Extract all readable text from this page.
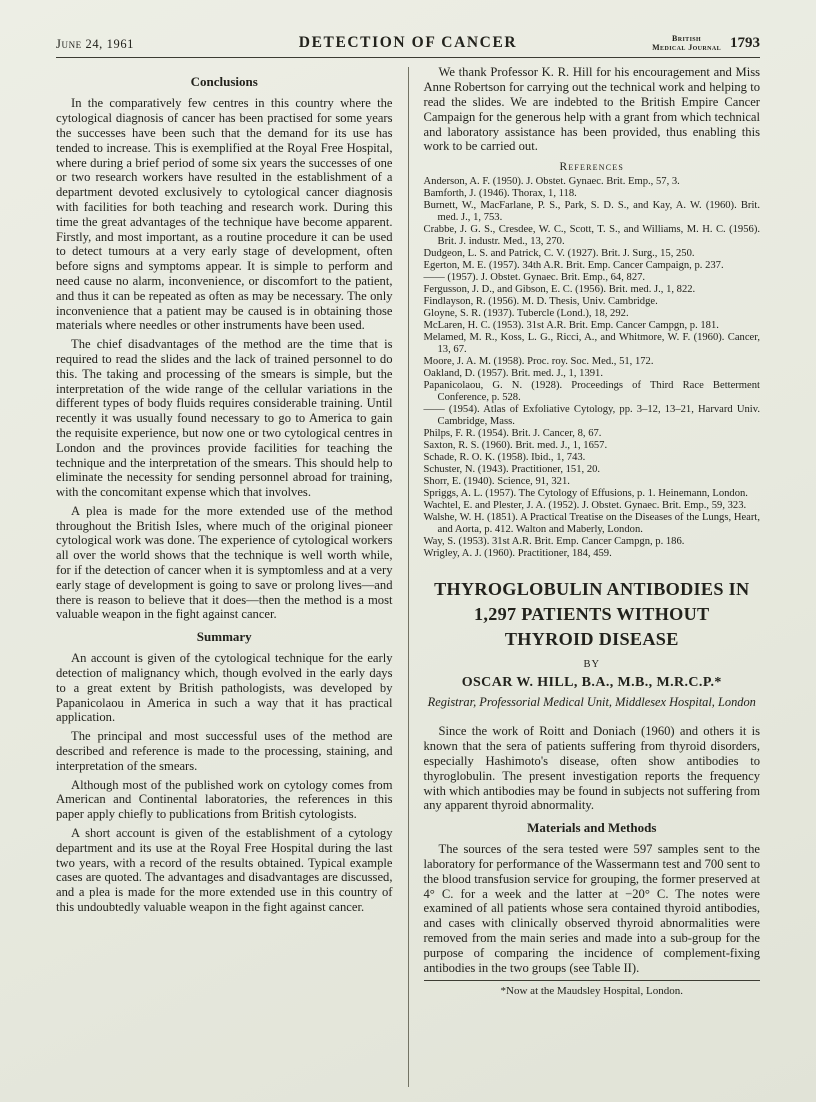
June 24, 1961	DETECTION OF CANCER	British
Medical Journal 1793
Conclusions

In the comparatively few centres in this country where the cytological diagnosis of cancer has been practised for some years the successes have been such that the demand for its use has tended to increase. This is exemplified at the Royal Free Hospital, where during a brief period of some six years the successes of one or two research workers have resulted in the establishment of a department devoted exclusively to cytological cancer diagnosis with facilities for both teaching and research work. During this time the great advantages of the technique have become apparent. Firstly, and most important, as a routine procedure it can be used to detect tumours at a very early stage of development, often before signs and symptoms appear. It is simple to perform and need cause no alarm, inconvenience, or discomfort to the patient, and thus it can be repeated as often as may be necessary. The only inconvenience that a patient may be caused is in obtaining those materials where needles or other instruments have been used.

The chief disadvantages of the method are the time that is required to read the slides and the lack of trained personnel to do this. The taking and processing of the smears is simple, but the interpretation of the wide range of the cellular variations in the different types of body fluids requires considerable training. Until recently it was usually found necessary to go to America to gain the requisite experience, but now one or two cytological centres in London and the provinces provide facilities for teaching the technique and the interpretation of the smears. This should help to eliminate the necessity for sending personnel abroad for training, with the concomitant expense which that involves.

A plea is made for the more extended use of the method throughout the British Isles, where much of the original pioneer cytological work was done. The experience of cytological workers all over the world shows that the technique is well worth while, for if the detection of cancer when it is symptomless and at a very early stage of development is going to save or prolong lives—and there is reason to believe that it does—then the method is a most valuable weapon in the fight against cancer.

Summary

An account is given of the cytological technique for the early detection of malignancy which, though evolved in the early days to a great extent by British pathologists, was developed by Papanicolaou in America in such a way that it has practical application.

The principal and most successful uses of the method are described and reference is made to the processing, staining, and interpretation of the smears.

Although most of the published work on cytology comes from American and Continental laboratories, the references in this paper apply chiefly to publications from British cytologists.

A short account is given of the establishment of a cytology department and its use at the Royal Free Hospital during the last two years, with a record of the results obtained. Typical example cases are quoted. The advantages and disadvantages are discussed, and a plea is made for the more extended use in this country of this undoubtedly valuable weapon in the fight against cancer.

We thank Professor K. R. Hill for his encouragement and Miss Anne Robertson for carrying out the technical work and helping to read the slides. We are indebted to the British Empire Cancer Campaign for the generous help with a grant from which technical and laboratory assistance has been provided, thus enabling this work to be carried out.

References

Anderson, A. F. (1950). J. Obstet. Gynaec. Brit. Emp., 57, 3.

Bamforth, J. (1946). Thorax, 1, 118.

Burnett, W., MacFarlane, P. S., Park, S. D. S., and Kay, A. W. (1960). Brit. med. J., 1, 753.

Crabbe, J. G. S., Cresdee, W. C., Scott, T. S., and Williams, M. H. C. (1956). Brit. J. industr. Med., 13, 270.

Dudgeon, L. S. and Patrick, C. V. (1927). Brit. J. Surg., 15, 250.

Egerton, M. E. (1957). 34th A.R. Brit. Emp. Cancer Campaign, p. 237.

—— (1957). J. Obstet. Gynaec. Brit. Emp., 64, 827.

Fergusson, J. D., and Gibson, E. C. (1956). Brit. med. J., 1, 822.

Findlayson, R. (1956). M. D. Thesis, Univ. Cambridge.

Gloyne, S. R. (1937). Tubercle (Lond.), 18, 292.

McLaren, H. C. (1953). 31st A.R. Brit. Emp. Cancer Campgn, p. 181.

Melamed, M. R., Koss, L. G., Ricci, A., and Whitmore, W. F. (1960). Cancer, 13, 67.

Moore, J. A. M. (1958). Proc. roy. Soc. Med., 51, 172.

Oakland, D. (1957). Brit. med. J., 1, 1391.

Papanicolaou, G. N. (1928). Proceedings of Third Race Betterment Conference, p. 528.

—— (1954). Atlas of Exfoliative Cytology, pp. 3–12, 13–21, Harvard Univ. Cambridge, Mass.

Philps, F. R. (1954). Brit. J. Cancer, 8, 67.

Saxton, R. S. (1960). Brit. med. J., 1, 1657.

Schade, R. O. K. (1958). Ibid., 1, 743.

Schuster, N. (1943). Practitioner, 151, 20.

Shorr, E. (1940). Science, 91, 321.

Spriggs, A. L. (1957). The Cytology of Effusions, p. 1. Heinemann, London.

Wachtel, E. and Plester, J. A. (1952). J. Obstet. Gynaec. Brit. Emp., 59, 323.

Walshe, W. H. (1851). A Practical Treatise on the Diseases of the Lungs, Heart, and Aorta, p. 412. Walton and Maberly, London.

Way, S. (1953). 31st A.R. Brit. Emp. Cancer Campgn, p. 186.

Wrigley, A. J. (1960). Practitioner, 184, 459.

THYROGLOBULIN ANTIBODIES IN 1,297 PATIENTS WITHOUT THYROID DISEASE
BY
OSCAR W. HILL, B.A., M.B., M.R.C.P.*
Registrar, Professorial Medical Unit, Middlesex Hospital, London

Since the work of Roitt and Doniach (1960) and others it is known that the sera of patients suffering from thyroid disorders, especially Hashimoto's disease, often show antibodies to thyroglobulin. The present investigation reports the frequency with which antibodies may be found in subjects not suffering from any apparent thyroid abnormality.

Materials and Methods

The sources of the sera tested were 597 samples sent to the laboratory for performance of the Wassermann test and 700 sent to the blood transfusion service for grouping, the former preserved at 4° C. for a week and the latter at −20° C. The notes were examined of all patients whose sera contained thyroid antibodies, and cases with clinically observed thyroid abnormalities were removed from the main series and made into a sub-group for the purpose of comparing the incidence of complement-fixing antibodies in the two groups (see Table II).

*Now at the Maudsley Hospital, London.
